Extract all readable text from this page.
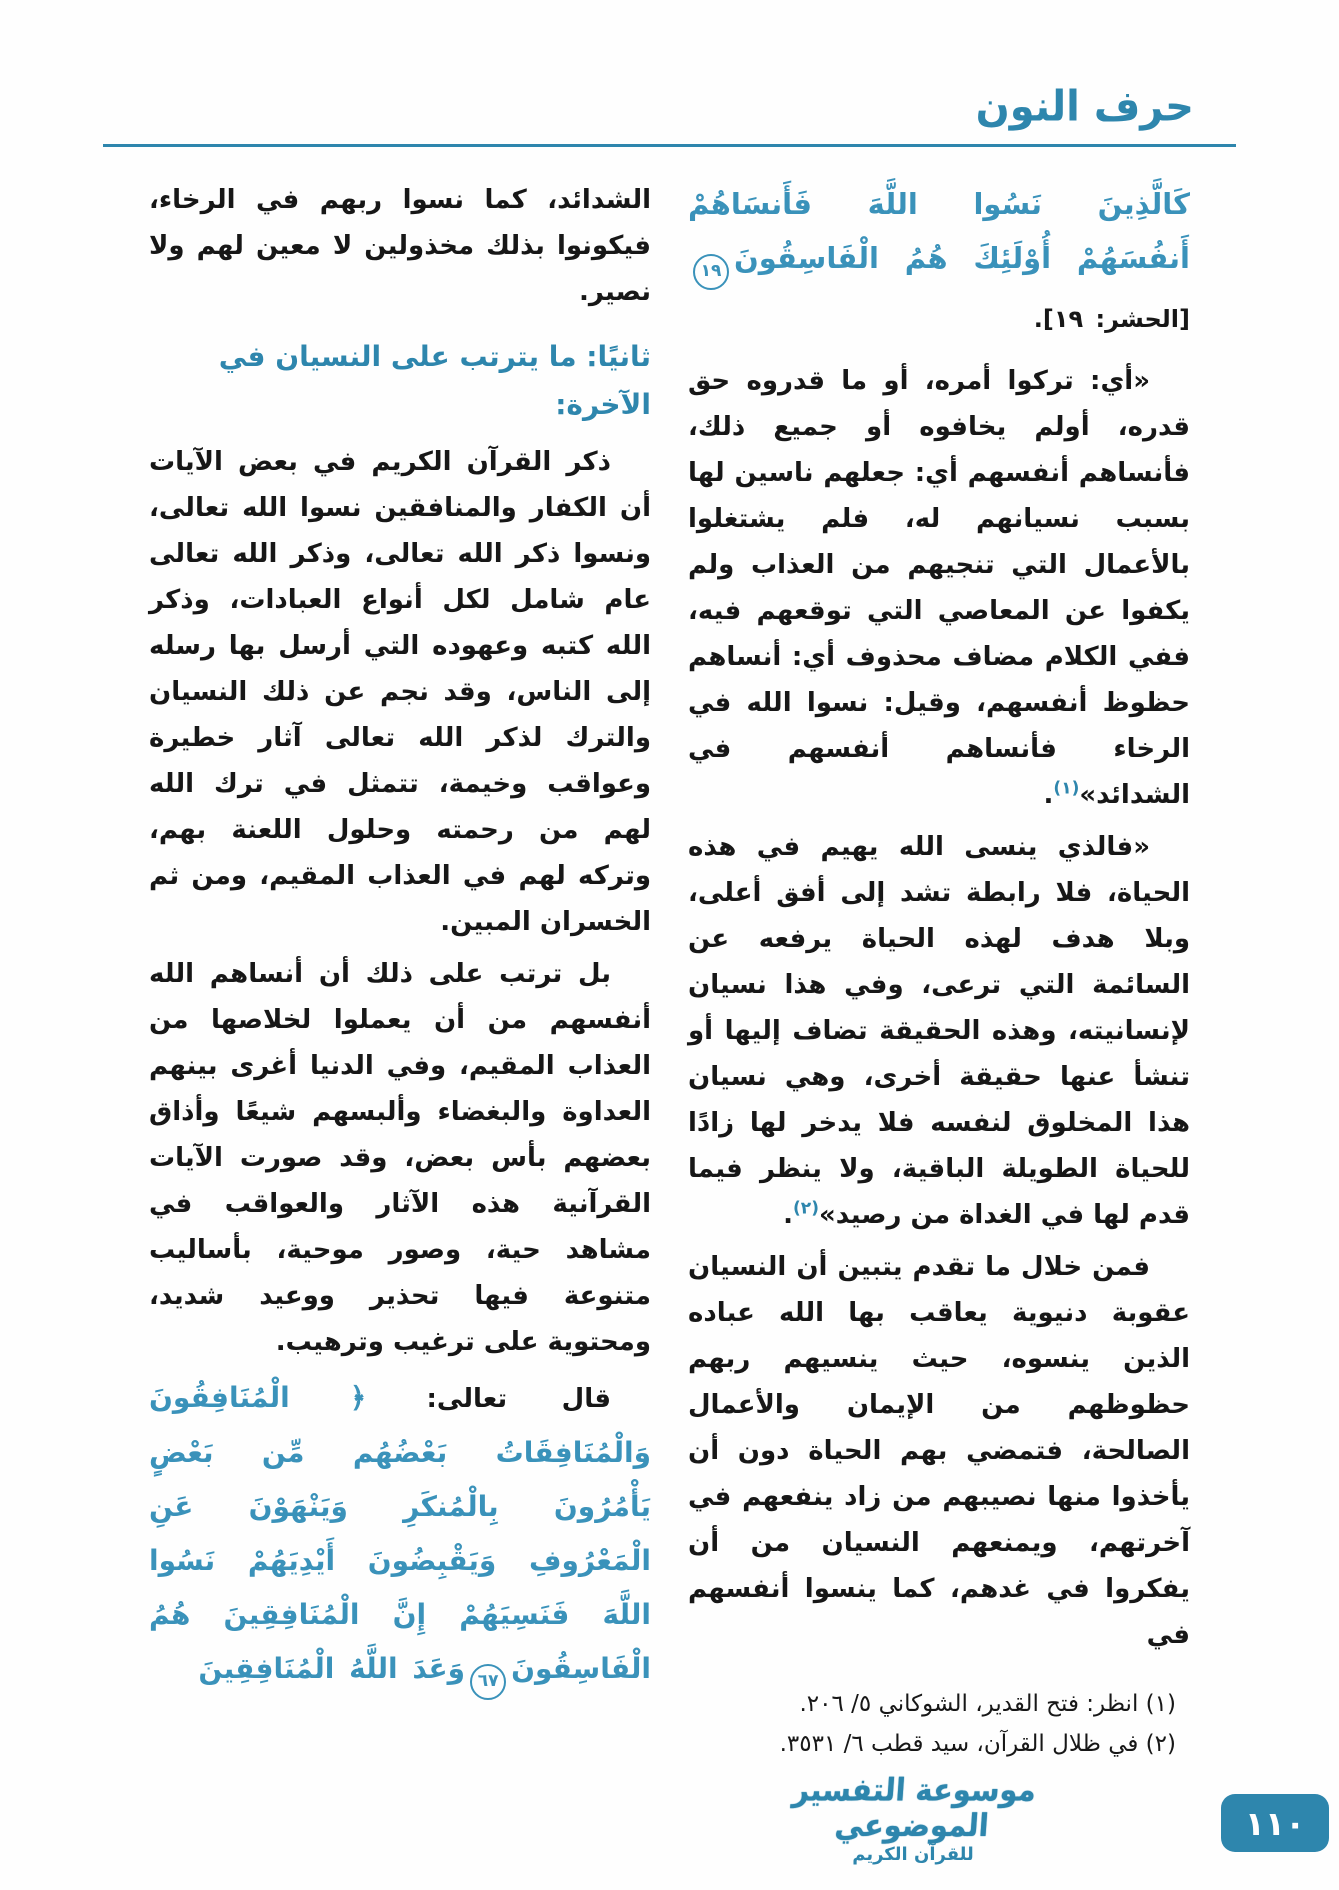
حرف النون

كَالَّذِينَ نَسُوا اللَّهَ فَأَنسَاهُمْ أَنفُسَهُمْ أُوْلَئِكَ هُمُ الْفَاسِقُونَ١٩ [الحشر: ١٩].

«أي: تركوا أمره، أو ما قدروه حق قدره، أولم يخافوه أو جميع ذلك، فأنساهم أنفسهم أي: جعلهم ناسين لها بسبب نسيانهم له، فلم يشتغلوا بالأعمال التي تنجيهم من العذاب ولم يكفوا عن المعاصي التي توقعهم فيه، ففي الكلام مضاف محذوف أي: أنساهم حظوظ أنفسهم، وقيل: نسوا الله في الرخاء فأنساهم أنفسهم في الشدائد»$^{(١)}$.

«فالذي ينسى الله يهيم في هذه الحياة، فلا رابطة تشد إلى أفق أعلى، وبلا هدف لهذه الحياة يرفعه عن السائمة التي ترعى، وفي هذا نسيان لإنسانيته، وهذه الحقيقة تضاف إليها أو تنشأ عنها حقيقة أخرى، وهي نسيان هذا المخلوق لنفسه فلا يدخر لها زادًا للحياة الطويلة الباقية، ولا ينظر فيما قدم لها في الغداة من رصيد»$^{(٢)}$.

فمن خلال ما تقدم يتبين أن النسيان عقوبة دنيوية يعاقب بها الله عباده الذين ينسوه، حيث ينسيهم ربهم حظوظهم من الإيمان والأعمال الصالحة، فتمضي بهم الحياة دون أن يأخذوا منها نصيبهم من زاد ينفعهم في آخرتهم، ويمنعهم النسيان من أن يفكروا في غدهم، كما ينسوا أنفسهم في

(١) انظر: فتح القدير، الشوكاني ٥/ ٢٠٦.

(٢) في ظلال القرآن، سيد قطب ٦/ ٣٥٣١.

الشدائد، كما نسوا ربهم في الرخاء، فيكونوا بذلك مخذولين لا معين لهم ولا نصير.

ثانيًا: ما يترتب على النسيان في الآخرة:

ذكر القرآن الكريم في بعض الآيات أن الكفار والمنافقين نسوا الله تعالى، ونسوا ذكر الله تعالى، وذكر الله تعالى عام شامل لكل أنواع العبادات، وذكر الله كتبه وعهوده التي أرسل بها رسله إلى الناس، وقد نجم عن ذلك النسيان والترك لذكر الله تعالى آثار خطيرة وعواقب وخيمة، تتمثل في ترك الله لهم من رحمته وحلول اللعنة بهم، وتركه لهم في العذاب المقيم، ومن ثم الخسران المبين.

بل ترتب على ذلك أن أنساهم الله أنفسهم من أن يعملوا لخلاصها من العذاب المقيم، وفي الدنيا أغرى بينهم العداوة والبغضاء وألبسهم شيعًا وأذاق بعضهم بأس بعض، وقد صورت الآيات القرآنية هذه الآثار والعواقب في مشاهد حية، وصور موحية، بأساليب متنوعة فيها تحذير ووعيد شديد، ومحتوية على ترغيب وترهيب.

قال تعالى: ﴿ الْمُنَافِقُونَ وَالْمُنَافِقَاتُ بَعْضُهُم مِّن بَعْضٍ يَأْمُرُونَ بِالْمُنكَرِ وَيَنْهَوْنَ عَنِ الْمَعْرُوفِ وَيَقْبِضُونَ أَيْدِيَهُمْ نَسُوا اللَّهَ فَنَسِيَهُمْ إِنَّ الْمُنَافِقِينَ هُمُ الْفَاسِقُونَ٦٧وَعَدَ اللَّهُ الْمُنَافِقِينَ

موسوعة التفسير الموضوعي
للقرآن الكريم
١١٠
